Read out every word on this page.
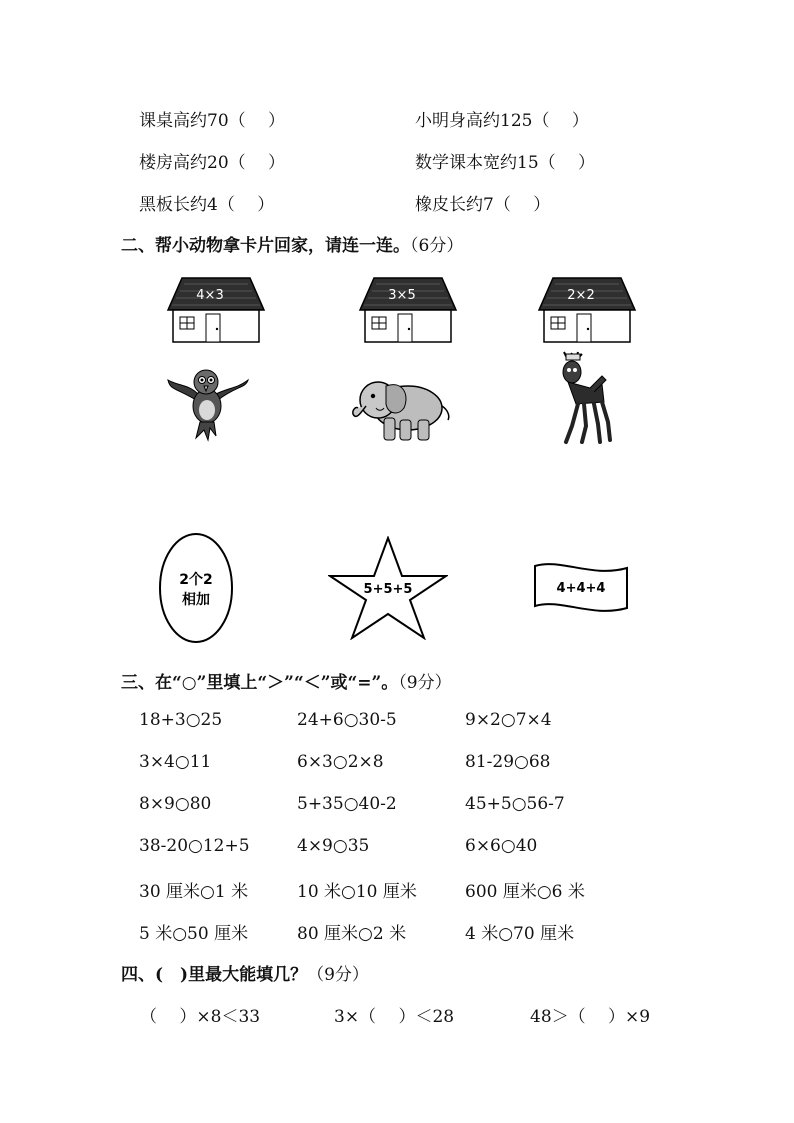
课桌高约70（　 ）	小明身高约125（　 ）
楼房高约20（　 ）	数学课本宽约15（　 ）
黑板长约4（　 ）	橡皮长约7（　 ）
二、帮小动物拿卡片回家，请连一连。（6分）
4×3	3×5	2×2
2个2
相加
5+5+5	4+4+4
三、在“○”里填上“＞”“＜”或“=”。（9分）
18+3○25	24+6○30-5	9×2○7×4
3×4○11	6×3○2×8	81-29○68
8×9○80	5+35○40-2	45+5○56-7
38-20○12+5	4×9○35	6×6○40
30 厘米○1 米	10 米○10 厘米	600 厘米○6 米
5 米○50 厘米	80 厘米○2 米	4 米○70 厘米
四、(　)里最大能填几？（9分）
（　 ）×8＜33	3×（　 ）＜28	48＞（　 ）×9
